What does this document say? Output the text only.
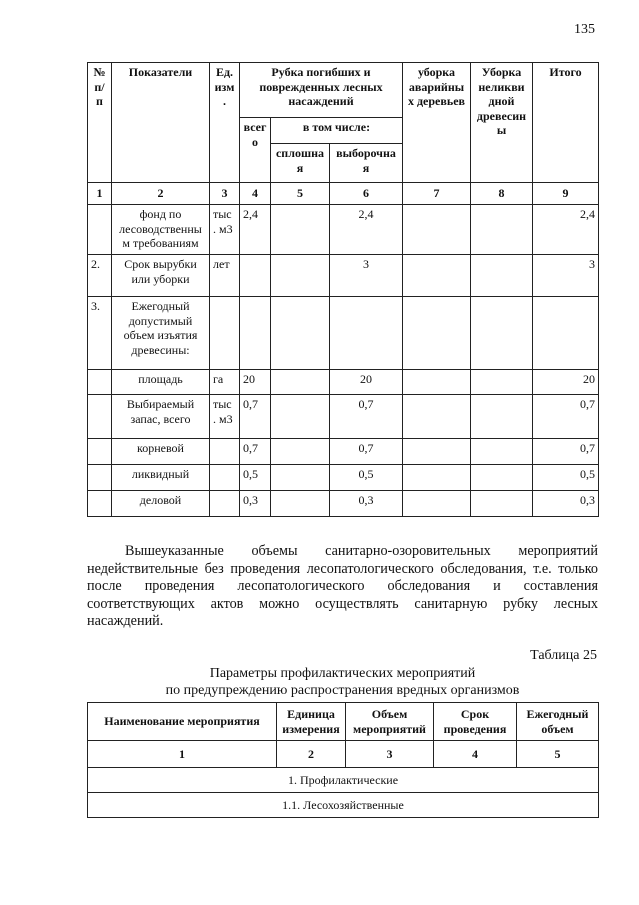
135
№
п/
п	Показатели	Ед.
изм
.	Рубка погибших и
поврежденных лесных
насаждений			уборка
аварийны
х деревьев	Уборка
неликви
дной
древесин
ы	Итого
			всег
о	в том числе:				
				сплошна
я	выборочна
я			
1	2	3	4	5	6	7	8	9
	фонд по
лесоводственны
м требованиям	тыс
. м3	2,4		2,4			2,4
2.	Срок вырубки
или уборки	лет			3			3
3.	Ежегодный
допустимый
объем изъятия
древесины:							
	площадь	га	20		20			20
	Выбираемый
запас, всего	тыс
. м3	0,7		0,7			0,7
	корневой		0,7		0,7			0,7
	ликвидный		0,5		0,5			0,5
	деловой		0,3		0,3			0,3

Вышеуказанные объемы санитарно-озоровительных мероприятий недействительные без проведения лесопатологического обследования, т.е. только после проведения лесопатологического обследования и составления соответствующих актов можно осуществлять санитарную рубку лесных насаждений.

Таблица 25
Параметры профилактических мероприятий
по предупреждению распространения вредных организмов
Наименование мероприятия	Единица
измерения	Объем
мероприятий	Срок
проведения	Ежегодный
объем
1	2	3	4	5
1. Профилактические				
1.1. Лесохозяйственные				
